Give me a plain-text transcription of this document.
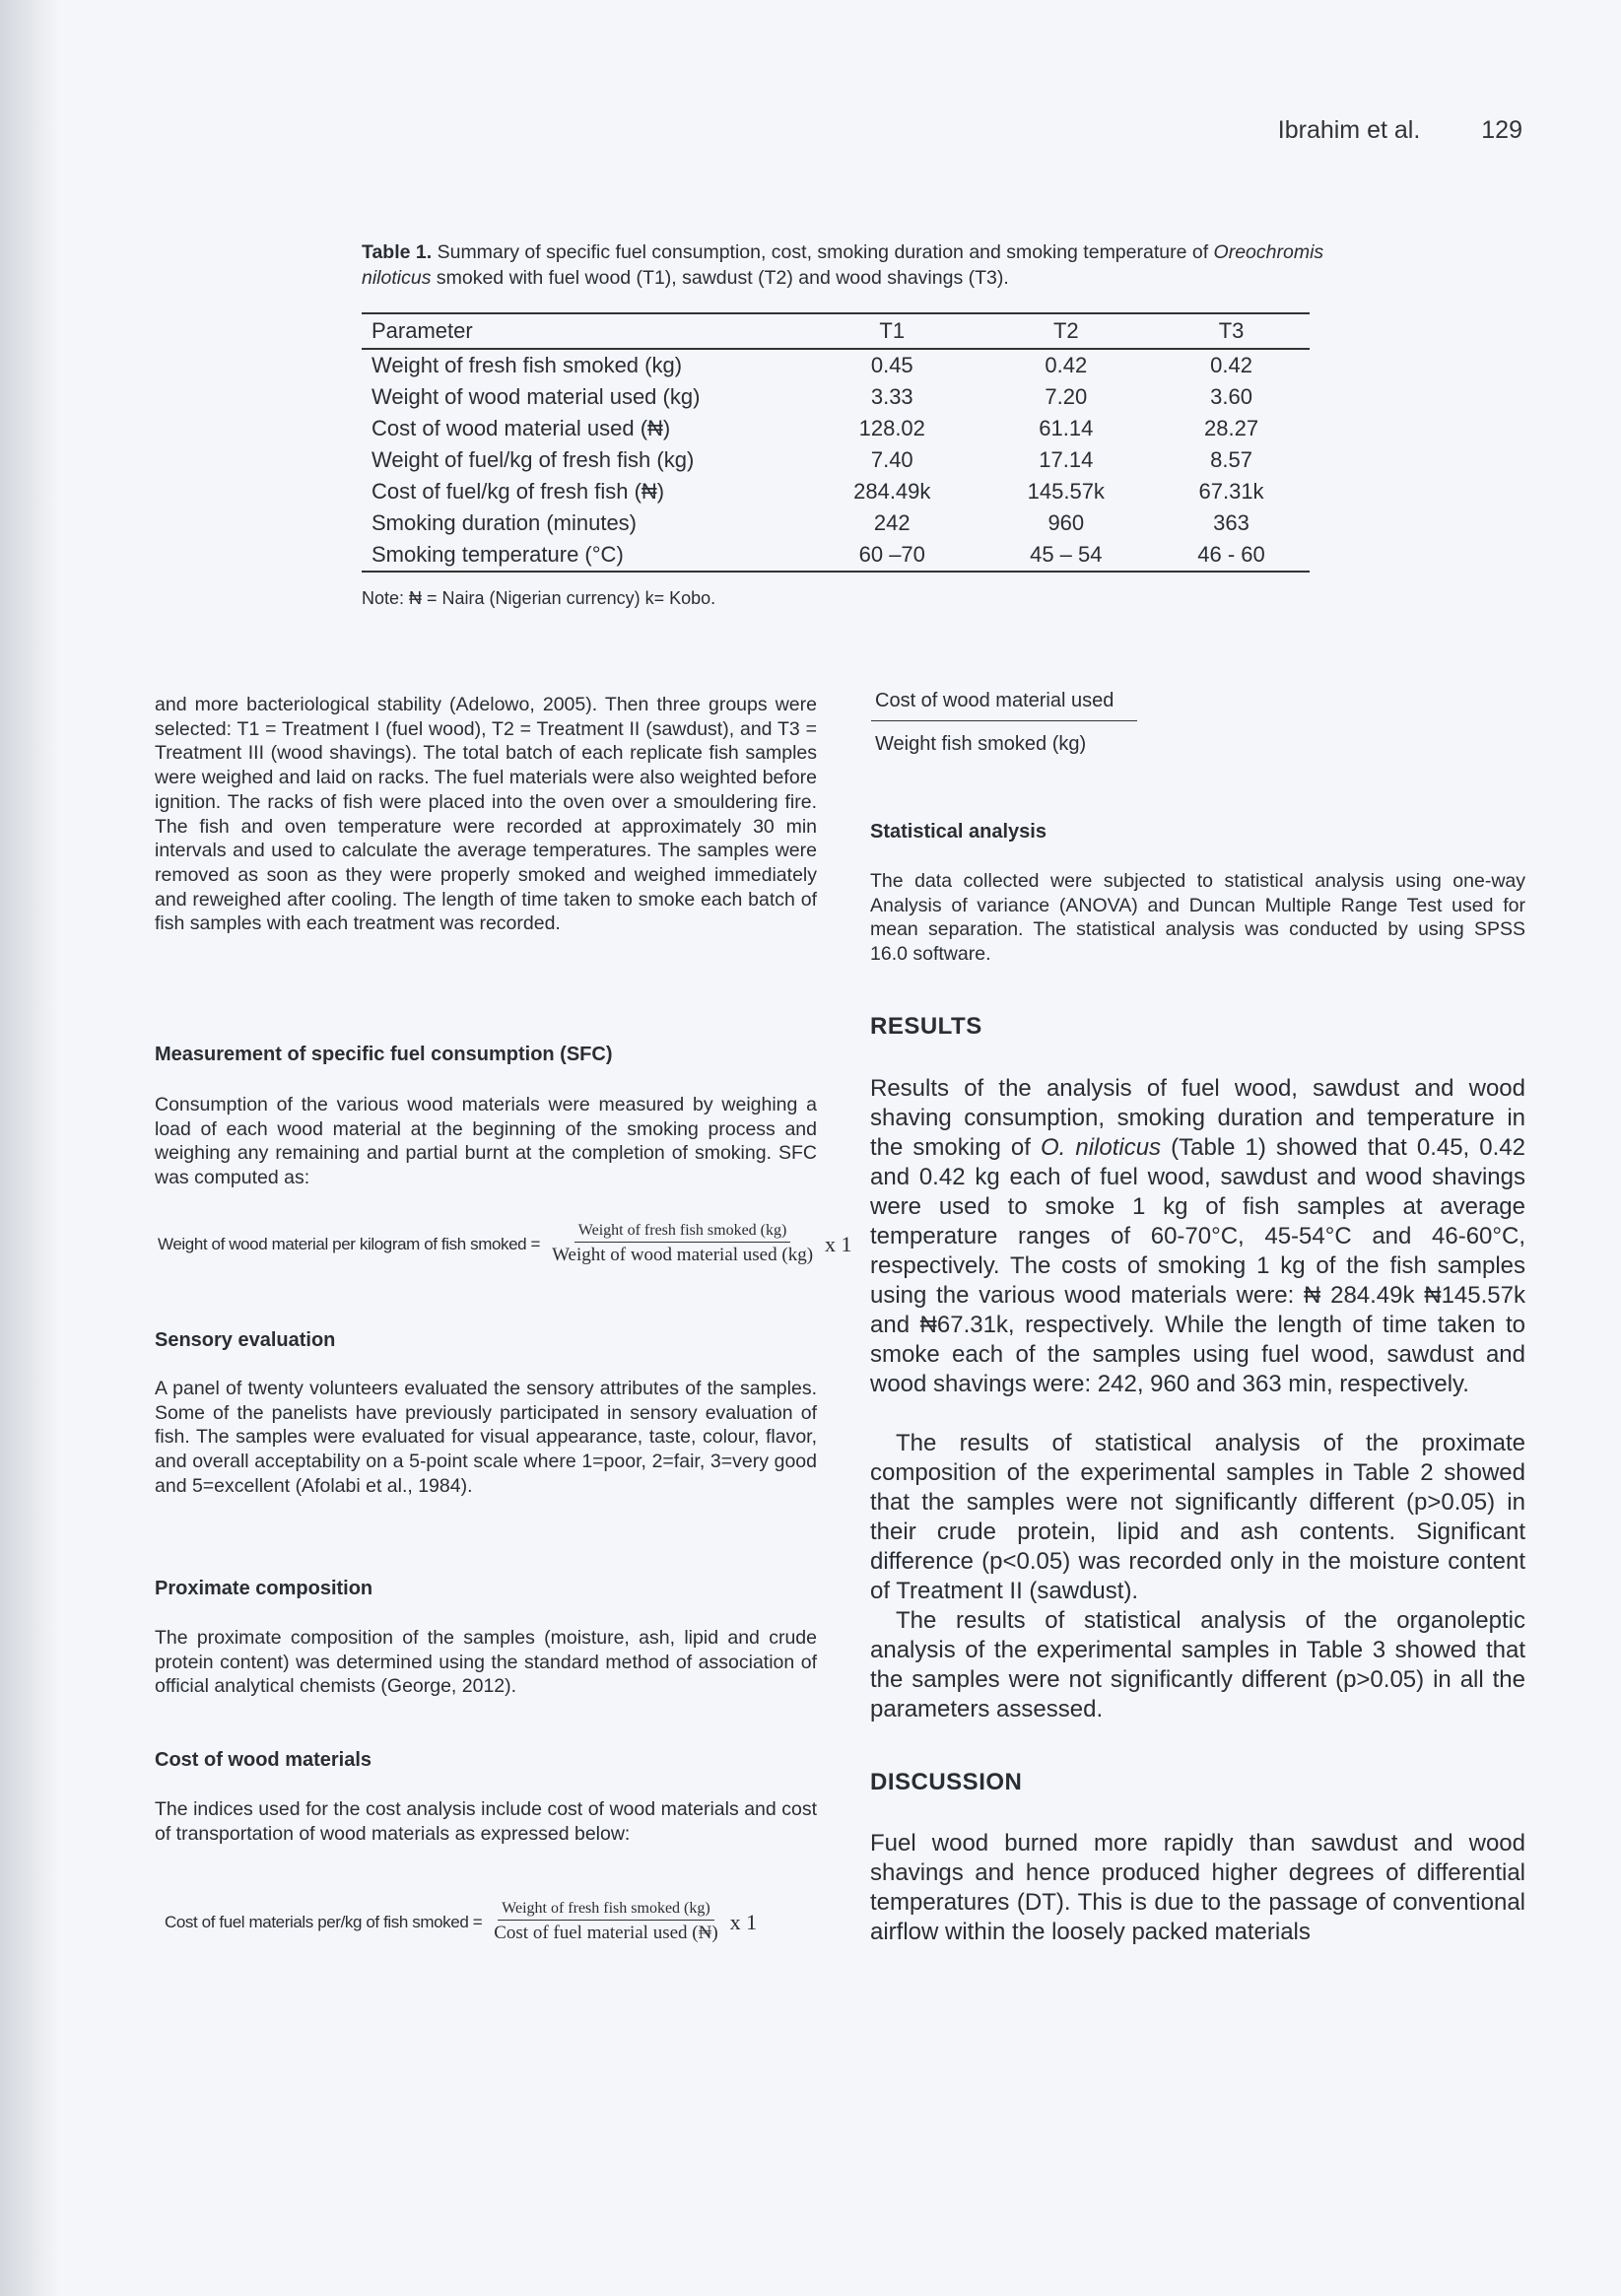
Ibrahim et al. 129
Table 1. Summary of specific fuel consumption, cost, smoking duration and smoking temperature of Oreochromis niloticus smoked with fuel wood (T1), sawdust (T2) and wood shavings (T3).
Parameter	T1	T2	T3
Weight of fresh fish smoked (kg)	0.45	0.42	0.42
Weight of wood material used (kg)	3.33	7.20	3.60
Cost of wood material used (₦)	128.02	61.14	28.27
Weight of fuel/kg of fresh fish (kg)	7.40	17.14	8.57
Cost of fuel/kg of fresh fish (₦)	284.49k	145.57k	67.31k
Smoking duration (minutes)	242	960	363
Smoking temperature (°C)	60 –70	45 – 54	46 - 60
Note: ₦ = Naira (Nigerian currency) k= Kobo.
and more bacteriological stability (Adelowo, 2005). Then three groups were selected: T1 = Treatment I (fuel wood), T2 = Treatment II (sawdust), and T3 = Treatment III (wood shavings). The total batch of each replicate fish samples were weighed and laid on racks. The fuel materials were also weighted before ignition. The racks of fish were placed into the oven over a smouldering fire. The fish and oven temperature were recorded at approximately 30 min intervals and used to calculate the average temperatures. The samples were removed as soon as they were properly smoked and weighed immediately and reweighed after cooling. The length of time taken to smoke each batch of fish samples with each treatment was recorded.
Measurement of specific fuel consumption (SFC)
Consumption of the various wood materials were measured by weighing a load of each wood material at the beginning of the smoking process and weighing any remaining and partial burnt at the completion of smoking. SFC was computed as:
Weight of wood material per kilogram of fish smoked = $\frac{\text{Weight of fresh fish smoked (kg)}}{\text{Weight of wood material used (kg)}}$ x 1
Sensory evaluation
A panel of twenty volunteers evaluated the sensory attributes of the samples. Some of the panelists have previously participated in sensory evaluation of fish. The samples were evaluated for visual appearance, taste, colour, flavor, and overall acceptability on a 5-point scale where 1=poor, 2=fair, 3=very good and 5=excellent (Afolabi et al., 1984).
Proximate composition
The proximate composition of the samples (moisture, ash, lipid and crude protein content) was determined using the standard method of association of official analytical chemists (George, 2012).
Cost of wood materials
The indices used for the cost analysis include cost of wood materials and cost of transportation of wood materials as expressed below:
Cost of fuel materials per/kg of fish smoked = $\frac{\text{Weight of fresh fish smoked (kg)}}{\text{Cost of fuel material used (₦)}}$ x 1
Cost of wood material used
Weight fish smoked (kg)
Statistical analysis
The data collected were subjected to statistical analysis using one-way Analysis of variance (ANOVA) and Duncan Multiple Range Test used for mean separation. The statistical analysis was conducted by using SPSS 16.0 software.
RESULTS
Results of the analysis of fuel wood, sawdust and wood shaving consumption, smoking duration and temperature in the smoking of O. niloticus (Table 1) showed that 0.45, 0.42 and 0.42 kg each of fuel wood, sawdust and wood shavings were used to smoke 1 kg of fish samples at average temperature ranges of 60-70°C, 45-54°C and 46-60°C, respectively. The costs of smoking 1 kg of the fish samples using the various wood materials were: ₦ 284.49k ₦145.57k and ₦67.31k, respectively. While the length of time taken to smoke each of the samples using fuel wood, sawdust and wood shavings were: 242, 960 and 363 min, respectively.
The results of statistical analysis of the proximate composition of the experimental samples in Table 2 showed that the samples were not significantly different (p>0.05) in their crude protein, lipid and ash contents. Significant difference (p<0.05) was recorded only in the moisture content of Treatment II (sawdust).
The results of statistical analysis of the organoleptic analysis of the experimental samples in Table 3 showed that the samples were not significantly different (p>0.05) in all the parameters assessed.
DISCUSSION
Fuel wood burned more rapidly than sawdust and wood shavings and hence produced higher degrees of differential temperatures (DT). This is due to the passage of conventional airflow within the loosely packed materials
